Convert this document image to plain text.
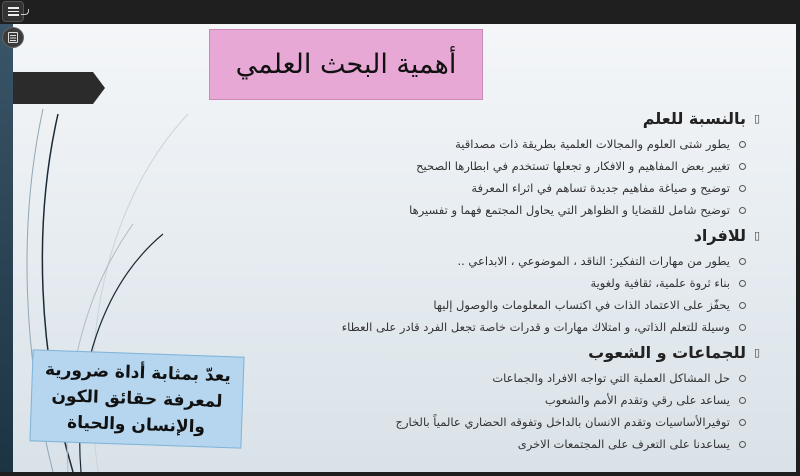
أهمية البحث العلمي
▯
بالنسبة للعلم
يطور شتى العلوم والمجالات العلمية بطريقة ذات مصداقية
تغيير بعض المفاهيم و الافكار و تجعلها تستخدم في ابطارها الصحيح
توضيح و صياغة مفاهيم جديدة تساهم في اثراء المعرفة
توضيح شامل للقضايا و الظواهر التي يحاول المجتمع فهما و تفسيرها
▯
للافراد
يطور من مهارات التفكير: الناقد ، الموضوعي ، الابداعي ..
بناء ثروة علمية، ثقافية ولغوية
يحفّز على الاعتماد الذات في اكتساب المعلومات والوصول إليها
وسيلة للتعلم الذاتي، و امتلاك مهارات و قدرات خاصة تجعل الفرد قادر على العطاء
▯
للجماعات و الشعوب
حل المشاكل العملية التي تواجه الافراد والجماعات
يساعد على رقي وتقدم الأمم والشعوب
توفيرالأساسيات وتقدم الانسان بالداخل وتفوقه الحضاري عالمياً بالخارج
يساعدنا على التعرف على المجتمعات الاخرى
يعدّ بمثابة أداة ضرورية
لمعرفة حقائق الكون
والإنسان والحياة
